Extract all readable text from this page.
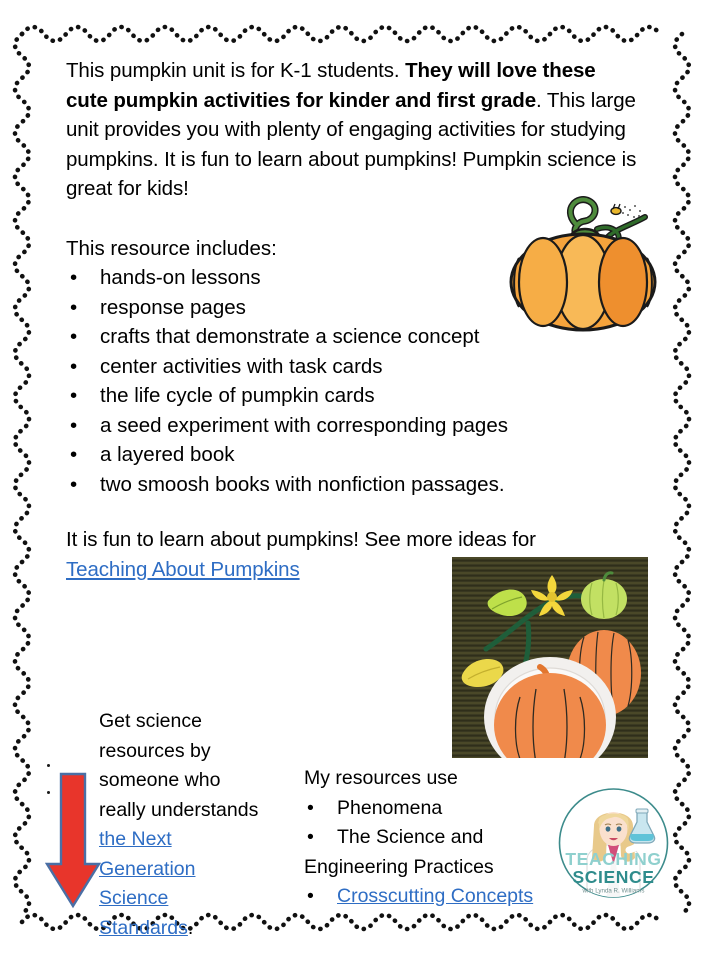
This pumpkin unit is for K-1 students. They will love these cute pumpkin activities for kinder and first grade. This large unit provides you with plenty of engaging activities for studying pumpkins. It is fun to learn about pumpkins! Pumpkin science is great for kids!

This resource includes:

• hands-on lessons
• response pages
• crafts that demonstrate a science concept
• center activities with task cards
• the life cycle of pumpkin cards
• a seed experiment with corresponding pages
• a layered book
• two smoosh books with nonfiction passages.

It is fun to learn about pumpkins! See more ideas for Teaching About Pumpkins

Get science resources by someone who really understands the Next Generation Science Standards.
My resources use
• Phenomena
• The Science and
Engineering Practices
• Crosscutting Concepts
TEACHING
SCIENCE
with Lynda R. Williams
